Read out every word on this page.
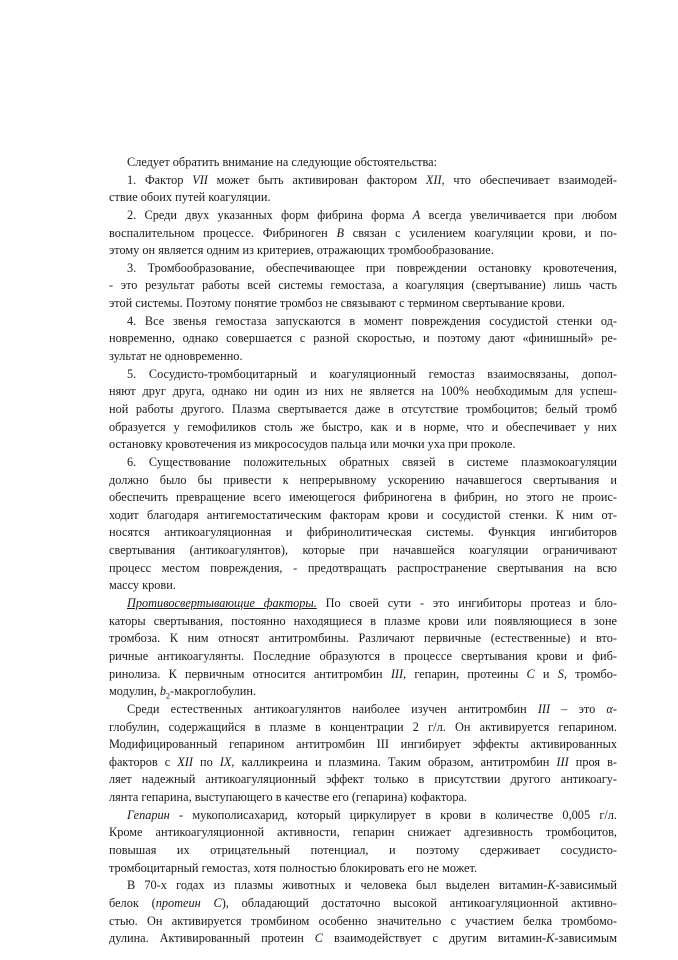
Следует обратить внимание на следующие обстоятельства:
1. Фактор VII может быть активирован фактором XII, что обеспечивает взаимодей-
ствие обоих путей коагуляции.
2. Среди двух указанных форм фибрина форма A всегда увеличивается при любом
воспалительном процессе. Фибриноген B связан с усилением коагуляции крови, и по-
этому он является одним из критериев, отражающих тромбообразование.
3. Тромбообразование, обеспечивающее при повреждении остановку кровотечения,
- это результат работы всей системы гемостаза, а коагуляция (свертывание) лишь часть
этой системы. Поэтому понятие тромбоз не связывают с термином свертывание крови.
4. Все звенья гемостаза запускаются в момент повреждения сосудистой стенки од-
новременно, однако совершается с разной скоростью, и поэтому дают «финишный» ре-
зультат не одновременно.
5. Сосудисто-тромбоцитарный и коагуляционный гемостаз взаимосвязаны, допол-
няют друг друга, однако ни один из них не является на 100% необходимым для успеш-
ной работы другого. Плазма свертывается даже в отсутствие тромбоцитов; белый тромб
образуется у гемофиликов столь же быстро, как и в норме, что и обеспечивает у них
остановку кровотечения из микрососудов пальца или мочки уха при проколе.
6. Существование положительных обратных связей в системе плазмокоагуляции
должно было бы привести к непрерывному ускорению начавшегося свертывания и
обеспечить превращение всего имеющегося фибриногена в фибрин, но этого не проис-
ходит благодаря антигемостатическим факторам крови и сосудистой стенки. К ним от-
носятся антикоагуляционная и фибринолитическая системы. Функция ингибиторов
свертывания (антикоагулянтов), которые при начавшейся коагуляции ограничивают
процесс местом повреждения, - предотвращать распространение свертывания на всю
массу крови.
Противосвертывающие факторы. По своей сути - это ингибиторы протеаз и бло-
каторы свертывания, постоянно находящиеся в плазме крови или появляющиеся в зоне
тромбоза. К ним относят антитромбины. Различают первичные (естественные) и вто-
ричные антикоагулянты. Последние образуются в процессе свертывания крови и фиб-
ринолиза. К первичным относится антитромбин III, гепарин, протеины C и S, тромбо-
модулин, $b_2$-макроглобулин.
Среди естественных антикоагулянтов наиболее изучен антитромбин III – это α-
глобулин, содержащийся в плазме в концентрации 2 г/л. Он активируется гепарином.
Модифицированный гепарином антитромбин III ингибирует эффекты активированных
факторов с XII по IX, калликреина и плазмина. Таким образом, антитромбин III проя в-
ляет надежный антикоагуляционный эффект только в присутствии другого антикоагу-
лянта гепарина, выступающего в качестве его (гепарина) кофактора.
Гепарин - мукополисахарид, который циркулирует в крови в количестве 0,005 г/л.
Кроме антикоагуляционной активности, гепарин снижает адгезивность тромбоцитов,
повышая их отрицательный потенциал, и поэтому сдерживает сосудисто-
тромбоцитарный гемостаз, хотя полностью блокировать его не может.
В 70-х годах из плазмы животных и человека был выделен витамин-К-зависимый
белок (протеин С), обладающий достаточно высокой антикоагуляционной активно-
стью. Он активируется тромбином особенно значительно с участием белка тромбомо-
дулина. Активированный протеин С взаимодействует с другим витамин-К-зависимым
